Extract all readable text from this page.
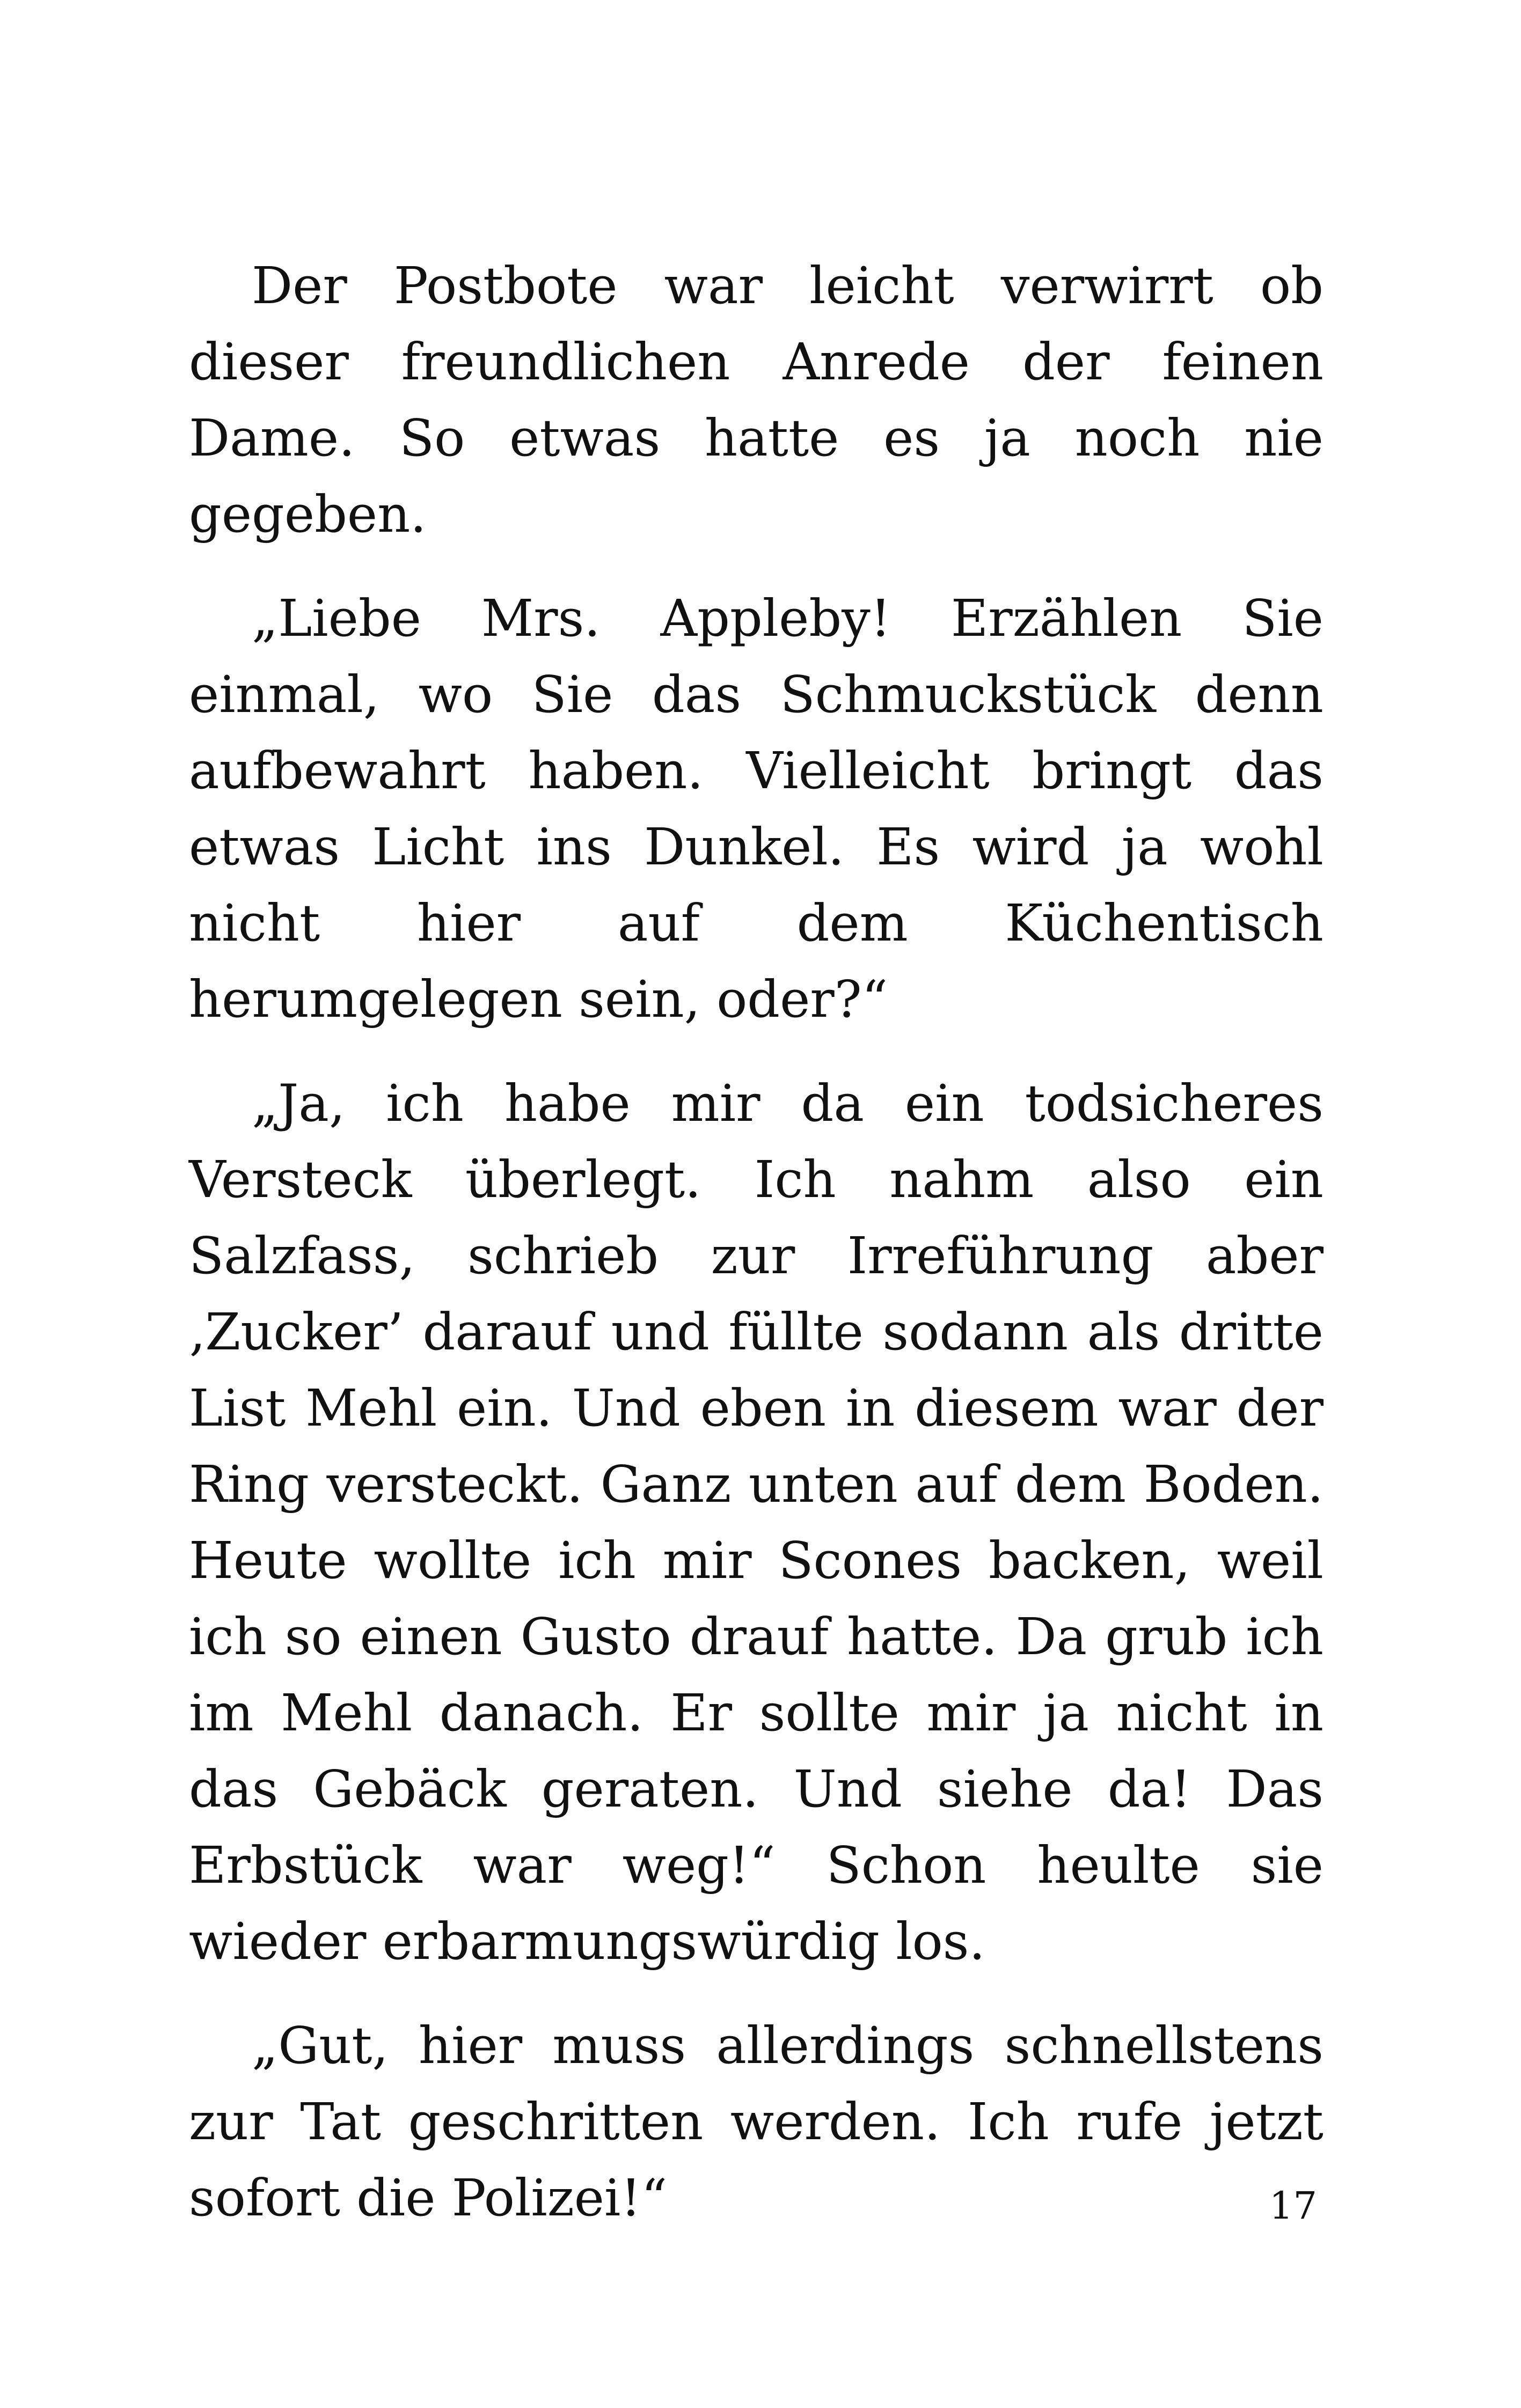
Der Postbote war leicht verwirrt ob dieser freundlichen Anrede der feinen Dame. So etwas hatte es ja noch nie gegeben.

„Liebe Mrs. Appleby! Erzählen Sie einmal, wo Sie das Schmuckstück denn aufbewahrt haben. Vielleicht bringt das etwas Licht ins Dunkel. Es wird ja wohl nicht hier auf dem Küchentisch herumgelegen sein, oder?“

„Ja, ich habe mir da ein todsicheres Versteck überlegt. Ich nahm also ein Salzfass, schrieb zur Irreführung aber ‚Zucker’ darauf und füllte sodann als dritte List Mehl ein. Und eben in diesem war der Ring versteckt. Ganz unten auf dem Boden. Heute wollte ich mir Scones backen, weil ich so einen Gusto drauf hatte. Da grub ich im Mehl danach. Er sollte mir ja nicht in das Gebäck geraten. Und siehe da! Das Erbstück war weg!“ Schon heulte sie wieder erbarmungswürdig los.

„Gut, hier muss allerdings schnellstens zur Tat geschritten werden. Ich rufe jetzt sofort die Polizei!“	17
